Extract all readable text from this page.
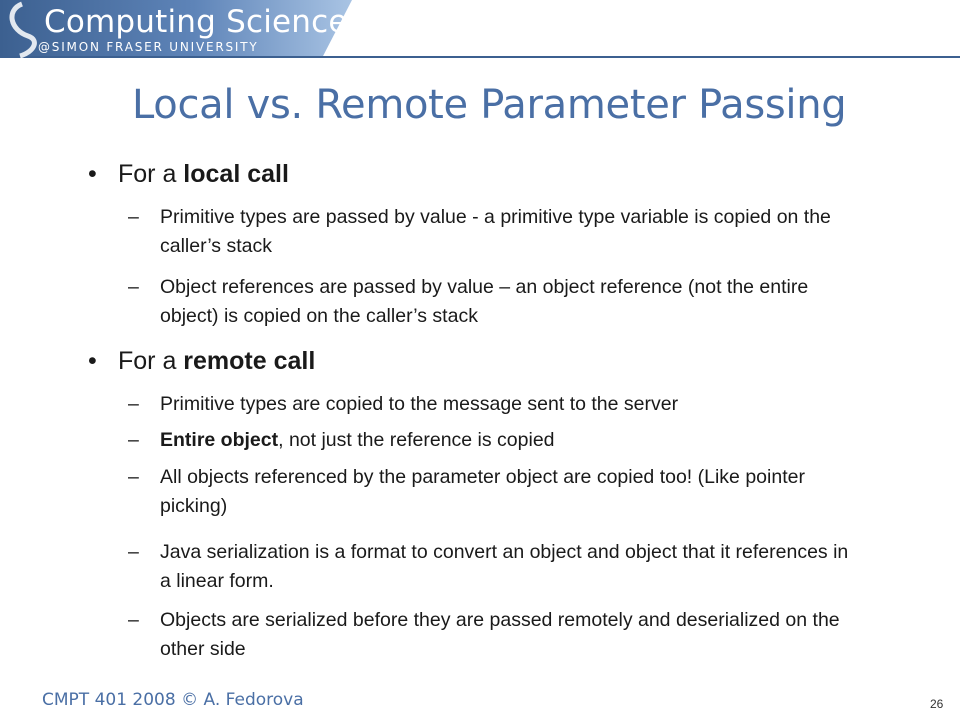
Computing Science
@SIMON FRASER UNIVERSITY
Local vs. Remote Parameter Passing
• For a local call
– Primitive types are passed by value - a primitive type variable is copied on the caller’s stack
– Object references are passed by value – an object reference (not the entire object) is copied on the caller’s stack
• For a remote call
– Primitive types are copied to the message sent to the server
– Entire object, not just the reference is copied
– All objects referenced by the parameter object are copied too! (Like pointer picking)
– Java serialization is a format to convert an object and object that it references in a linear form.
– Objects are serialized before they are passed remotely and deserialized on the other side
CMPT 401 2008 © A. Fedorova	26
